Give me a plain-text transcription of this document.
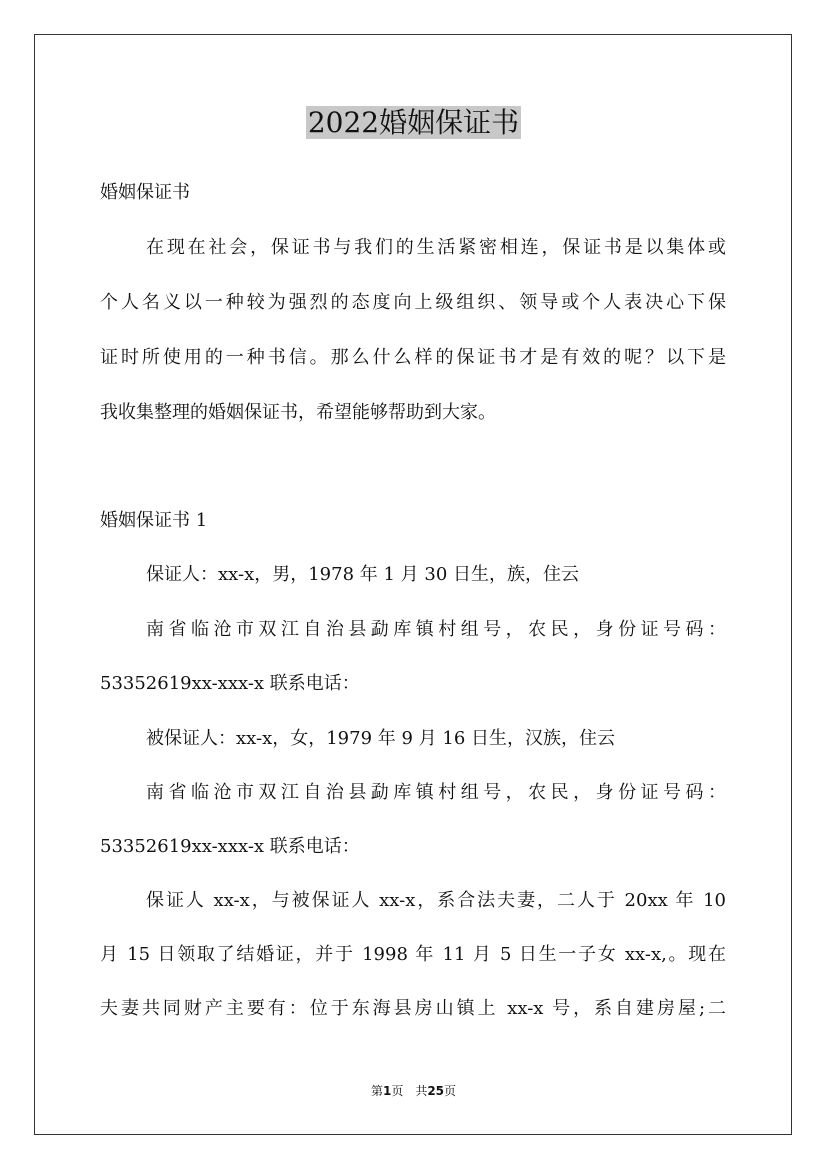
2022婚姻保证书
婚姻保证书
在现在社会，保证书与我们的生活紧密相连，保证书是以集体或
个人名义以一种较为强烈的态度向上级组织、领导或个人表决心下保
证时所使用的一种书信。那么什么样的保证书才是有效的呢？以下是
我收集整理的婚姻保证书，希望能够帮助到大家。
婚姻保证书 1
保证人：xx-x，男，1978 年 1 月 30 日生，族，住云
南省临沧市双江自治县勐库镇村组号，农民，身份证号码：
53352619xx-xxx-x 联系电话：
被保证人：xx-x，女，1979 年 9 月 16 日生，汉族，住云
南省临沧市双江自治县勐库镇村组号，农民，身份证号码：
53352619xx-xxx-x 联系电话：
保证人 xx-x，与被保证人 xx-x，系合法夫妻，二人于 20xx 年 10
月 15 日领取了结婚证，并于 1998 年 11 月 5 日生一子女 xx-x,。现在
夫妻共同财产主要有：位于东海县房山镇上 xx-x 号，系自建房屋;二
第1页　共25页
